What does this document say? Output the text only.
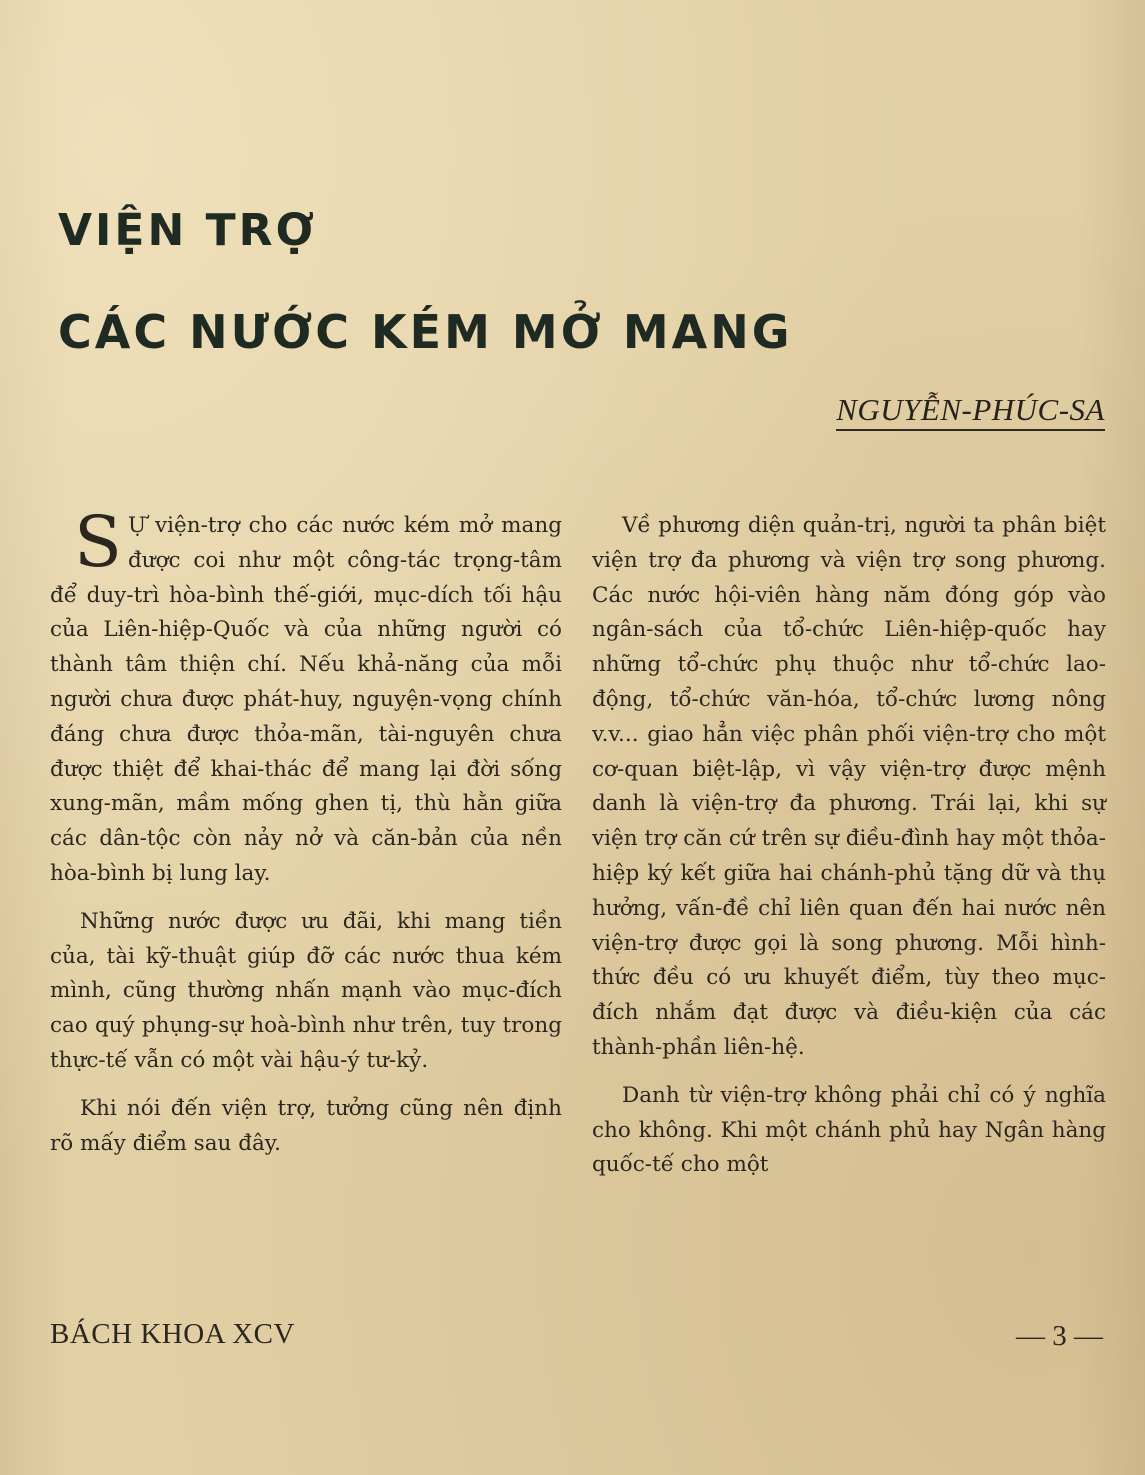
VIỆN TRỢ
CÁC NƯỚC KÉM MỞ MANG
NGUYỄN-PHÚC-SA

S Ự viện-trợ cho các nước kém mở mang được coi như một công-tác trọng-tâm để duy-trì hòa-bình thế-giới, mục-dích tối hậu của Liên-hiệp-Quốc và của những người có thành tâm thiện chí. Nếu khả-năng của mỗi người chưa được phát-huy, nguyện-vọng chính đáng chưa được thỏa-mãn, tài-nguyên chưa được thiệt để khai-thác để mang lại đời sống xung-mãn, mầm mống ghen tị, thù hằn giữa các dân-tộc còn nảy nở và căn-bản của nền hòa-bình bị lung lay.

Những nước được ưu đãi, khi mang tiền của, tài kỹ-thuật giúp đỡ các nước thua kém mình, cũng thường nhấn mạnh vào mục-đích cao quý phụng-sự hoà-bình như trên, tuy trong thực-tế vẫn có một vài hậu-ý tư-kỷ.

Khi nói đến viện trợ, tưởng cũng nên định rõ mấy điểm sau đây.

Về phương diện quản-trị, người ta phân biệt viện trợ đa phương và viện trợ song phương. Các nước hội-viên hàng năm đóng góp vào ngân-sách của tổ-chức Liên-hiệp-quốc hay những tổ-chức phụ thuộc như tổ-chức lao-động, tổ-chức văn-hóa, tổ-chức lương nông v.v... giao hẳn việc phân phối viện-trợ cho một cơ-quan biệt-lập, vì vậy viện-trợ được mệnh danh là viện-trợ đa phương. Trái lại, khi sự viện trợ căn cứ trên sự điều-đình hay một thỏa-hiệp ký kết giữa hai chánh-phủ tặng dữ và thụ hưởng, vấn-đề chỉ liên quan đến hai nước nên viện-trợ được gọi là song phương. Mỗi hình-thức đều có ưu khuyết điểm, tùy theo mục-đích nhắm đạt được và điều-kiện của các thành-phần liên-hệ.

Danh từ viện-trợ không phải chỉ có ý nghĩa cho không. Khi một chánh phủ hay Ngân hàng quốc-tế cho một

BÁCH KHOA XCV	— 3 —
